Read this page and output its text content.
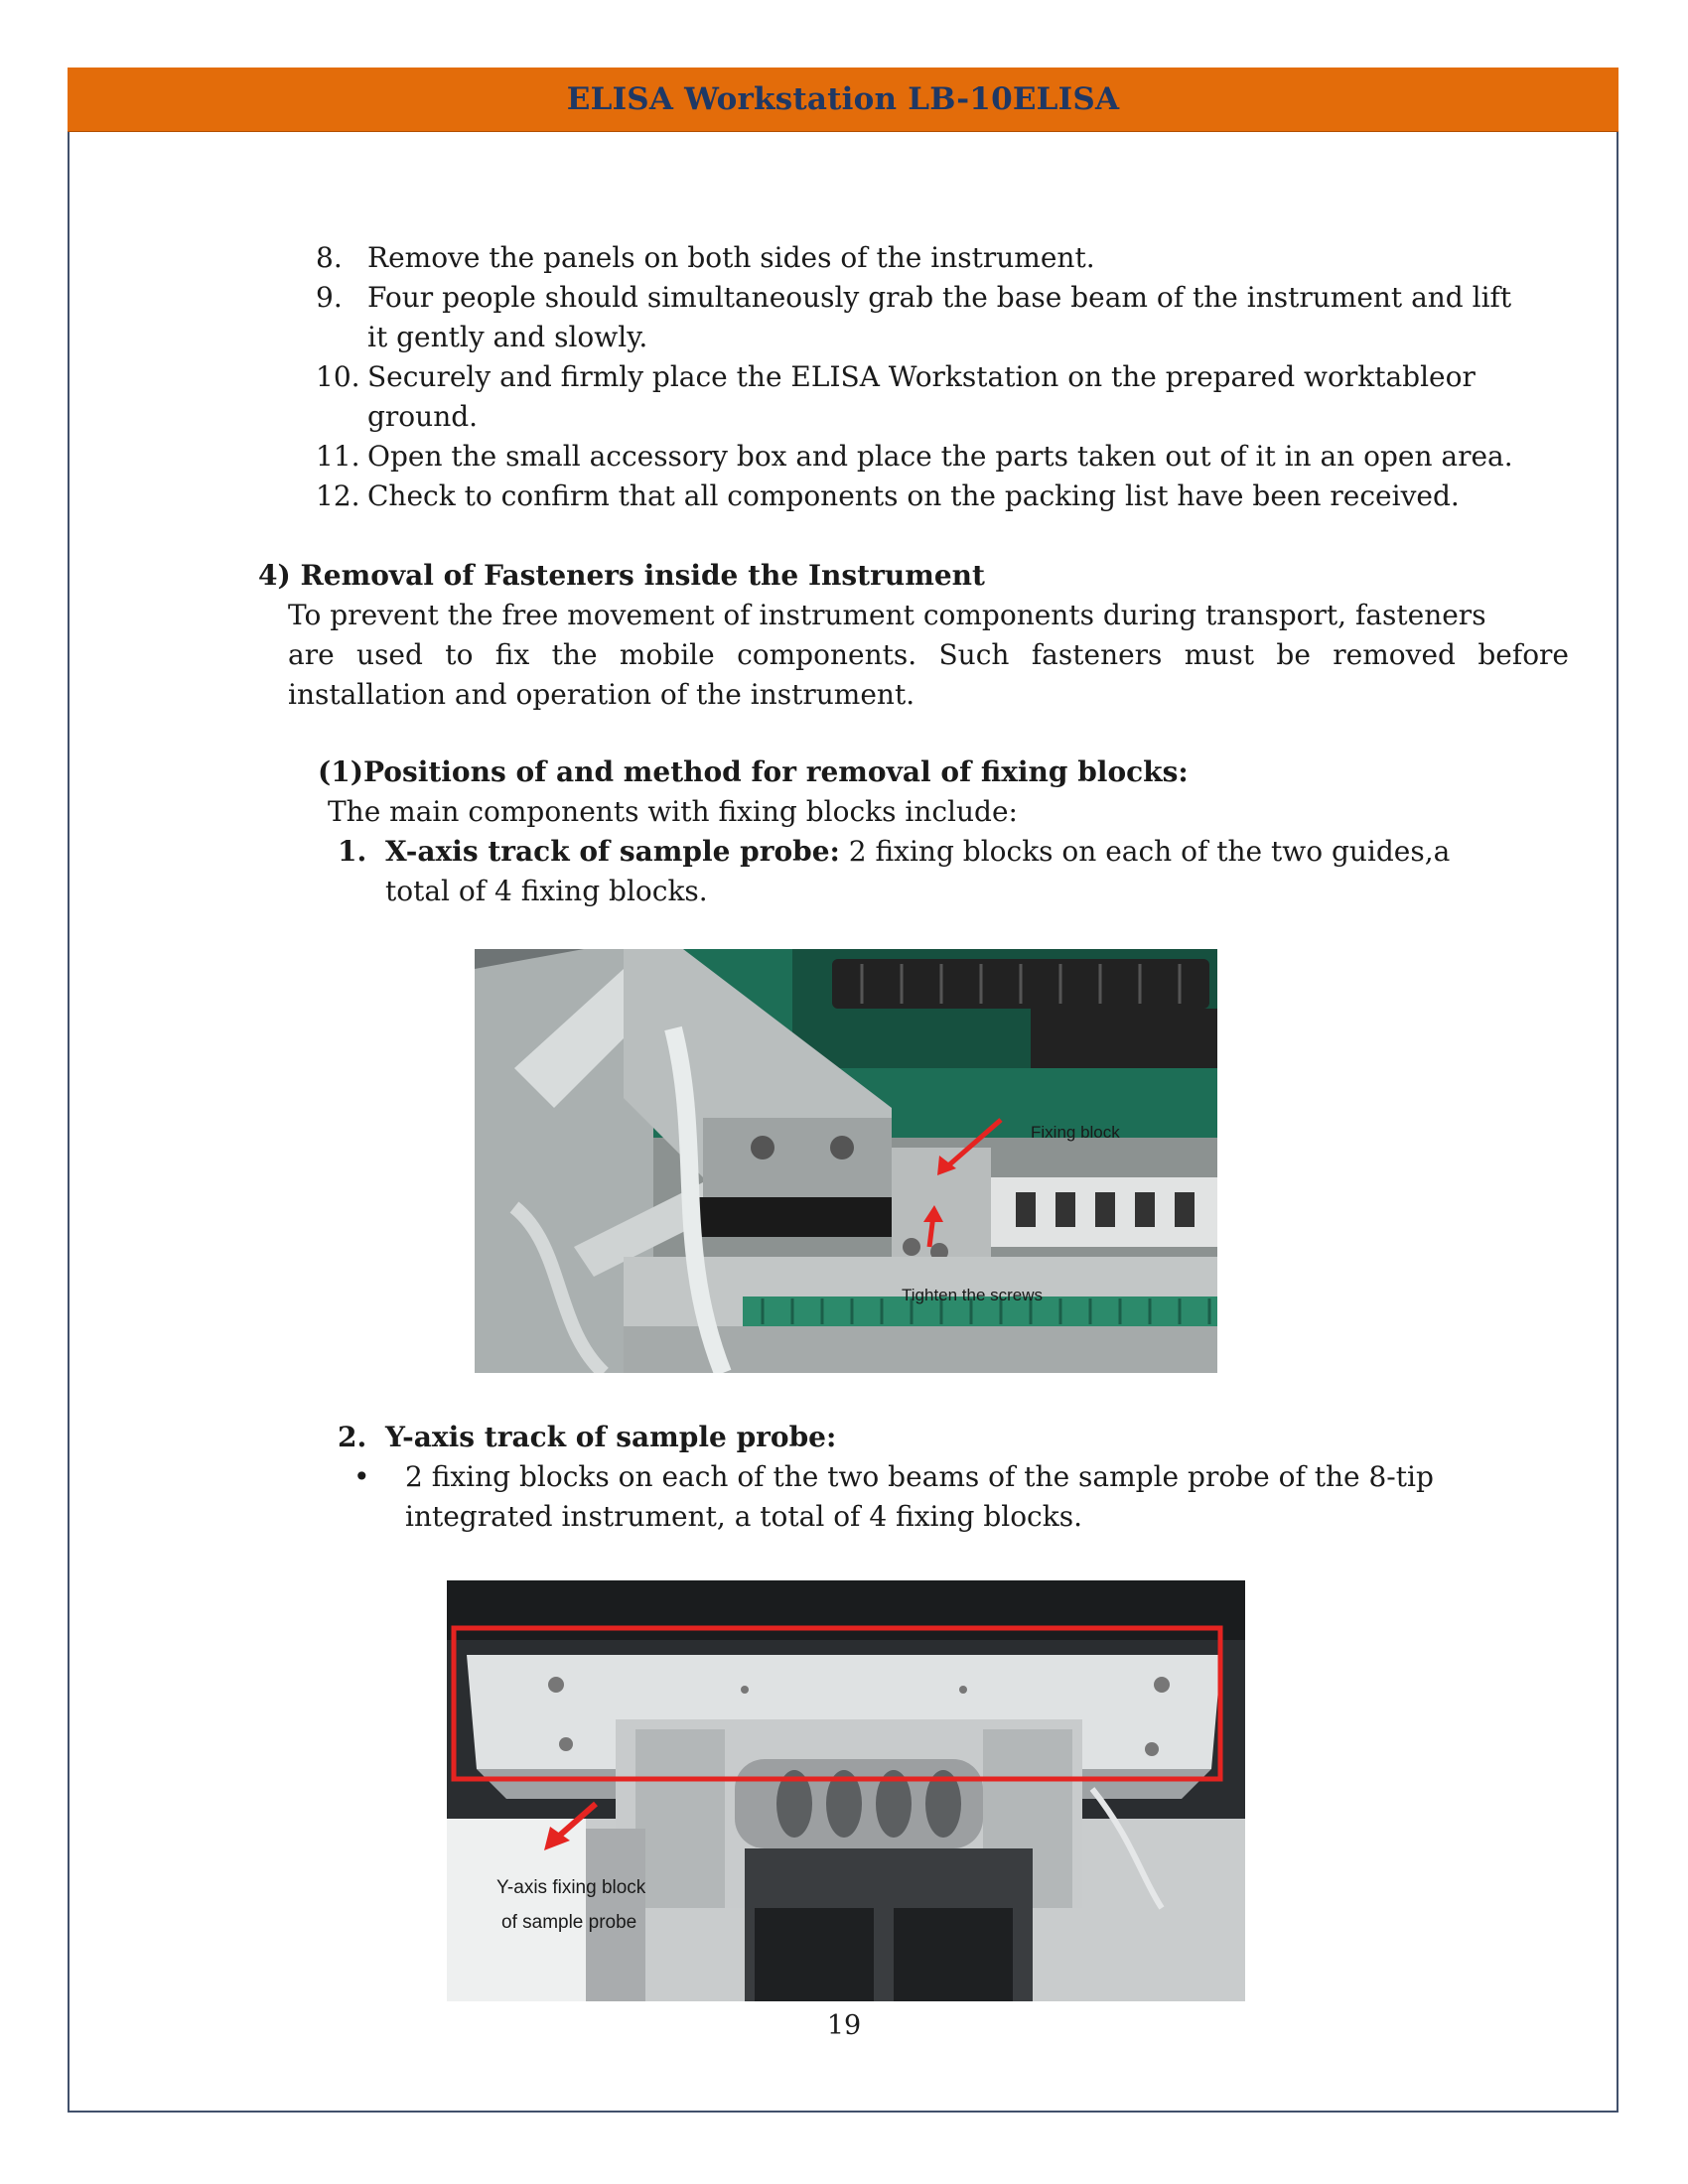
ELISA Workstation LB-10ELISA
8. Remove the panels on both sides of the instrument.
9. Four people should simultaneously grab the base beam of the instrument and lift
it gently and slowly.
10. Securely and firmly place the ELISA Workstation on the prepared worktableor
ground.
11. Open the small accessory box and place the parts taken out of it in an open area.
12. Check to confirm that all components on the packing list have been received.
4) Removal of Fasteners inside the Instrument
To prevent the free movement of instrument components during transport, fasteners
are used to fix the mobile components. Such fasteners must be removed before
installation and operation of the instrument.
(1)Positions of and method for removal of fixing blocks:
The main components with fixing blocks include:
1. X-axis track of sample probe: 2 fixing blocks on each of the two guides,a
total of 4 fixing blocks.
Fixing block
Tighten the screws
2. Y-axis track of sample probe:
• 2 fixing blocks on each of the two beams of the sample probe of the 8-tip
integrated instrument, a total of 4 fixing blocks.
Y-axis fixing block
of sample probe
19
